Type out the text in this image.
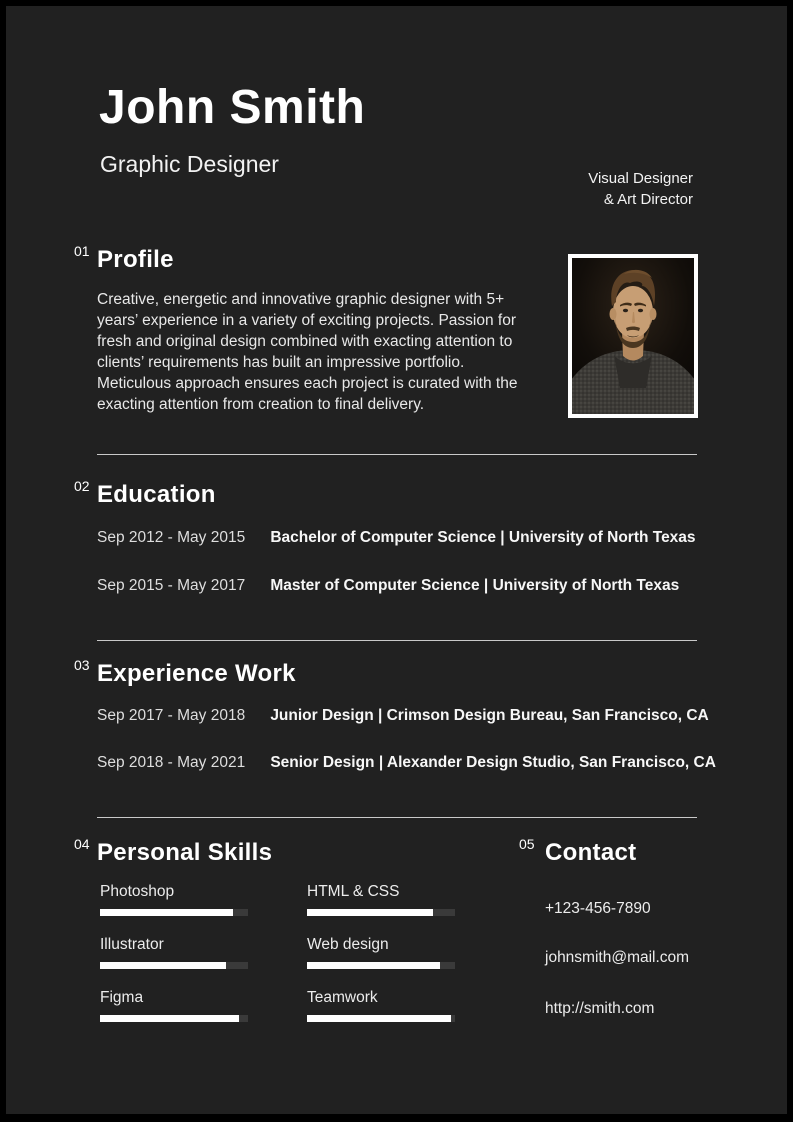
John Smith
Graphic Designer
Visual Designer
& Art Director
01 Profile
Creative, energetic and innovative graphic designer with 5+ years’ experience in a variety of exciting projects. Passion for fresh and original design combined with exacting attention to clients’ requirements has built an impressive portfolio. Meticulous approach ensures each project is curated with the exacting attention from creation to final delivery.
02 Education
Sep 2012 - May 2015 Bachelor of Computer Science | University of North Texas
Sep 2015 - May 2017 Master of Computer Science | University of North Texas
03 Experience Work
Sep 2017 - May 2018 Junior Design | Crimson Design Bureau, San Francisco, CA
Sep 2018 - May 2021 Senior Design | Alexander Design Studio, San Francisco, CA
04 Personal Skills
Photoshop
Illustrator
Figma
HTML & CSS
Web design
Teamwork
05 Contact
+123-456-7890
johnsmith@mail.com
http://smith.com
